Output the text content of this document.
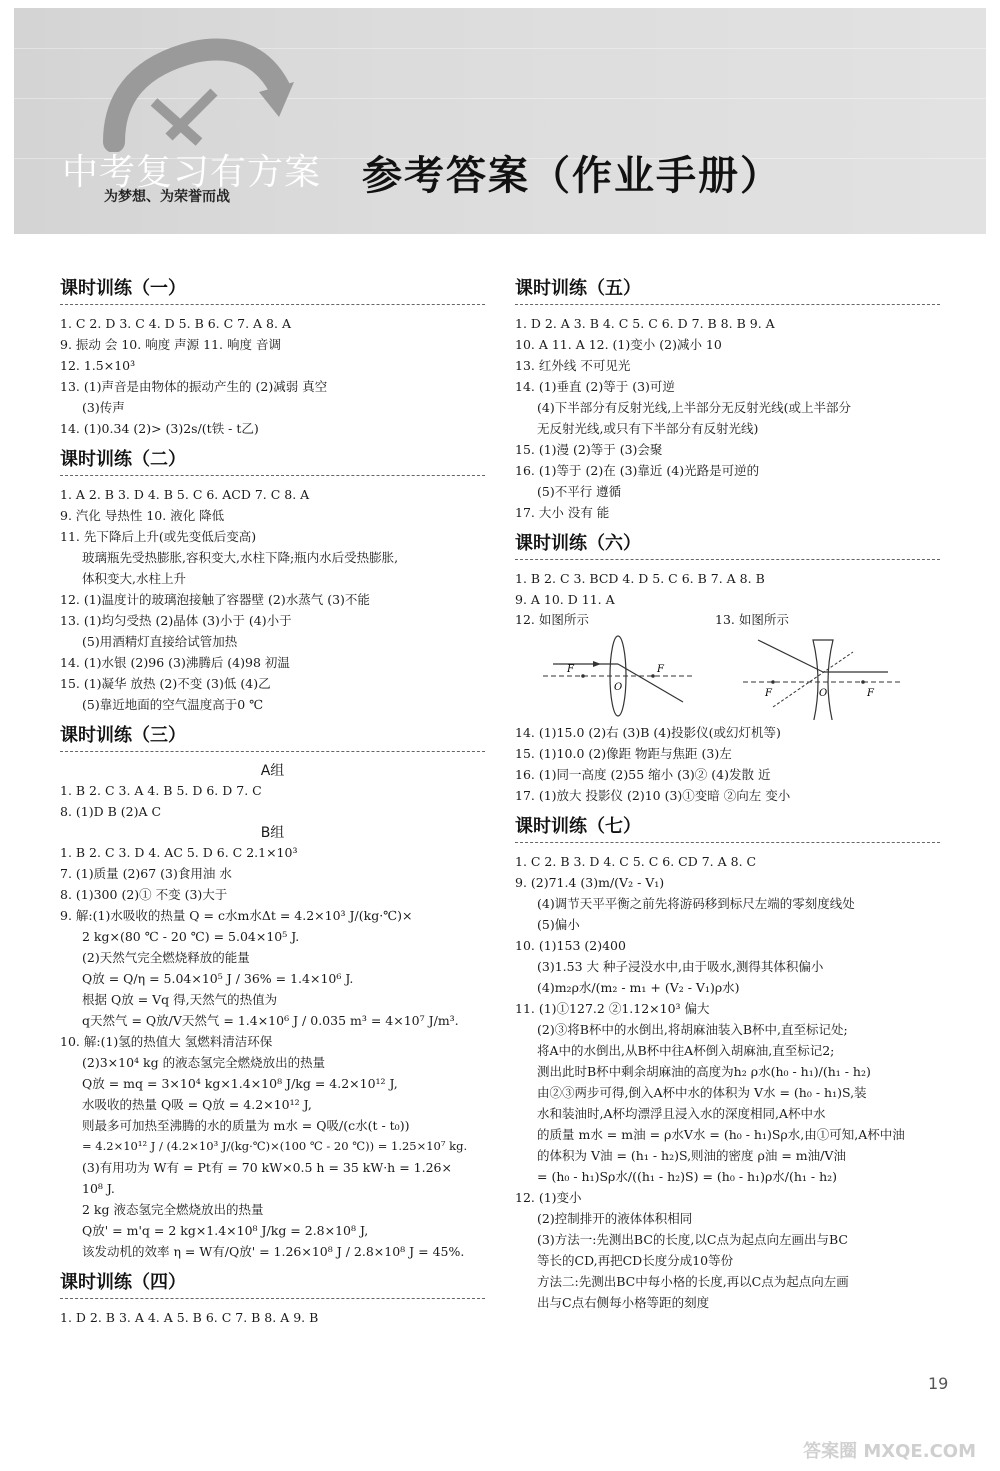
中考复习有方案
为梦想、为荣誉而战	参考答案（作业手册）
课时训练（一）
1. C 2. D 3. C 4. D 5. B 6. C 7. A 8. A
9. 振动 会 10. 响度 声源 11. 响度 音调
12. 1.5×10³
13. (1)声音是由物体的振动产生的 (2)减弱 真空
(3)传声
14. (1)0.34 (2)> (3)2s/(t铁 - t乙)
课时训练（二）
1. A 2. B 3. D 4. B 5. C 6. ACD 7. C 8. A
9. 汽化 导热性 10. 液化 降低
11. 先下降后上升(或先变低后变高)
玻璃瓶先受热膨胀,容积变大,水柱下降;瓶内水后受热膨胀,
体积变大,水柱上升
12. (1)温度计的玻璃泡接触了容器壁 (2)水蒸气 (3)不能
13. (1)均匀受热 (2)晶体 (3)小于 (4)小于
(5)用酒精灯直接给试管加热
14. (1)水银 (2)96 (3)沸腾后 (4)98 初温
15. (1)凝华 放热 (2)不变 (3)低 (4)乙
(5)靠近地面的空气温度高于0 ℃
课时训练（三）
A组
1. B 2. C 3. A 4. B 5. D 6. D 7. C
8. (1)D B (2)A C
B组
1. B 2. C 3. D 4. AC 5. D 6. C 2.1×10³
7. (1)质量 (2)67 (3)食用油 水
8. (1)300 (2)① 不变 (3)大于
9. 解:(1)水吸收的热量 Q = c水m水Δt = 4.2×10³ J/(kg·℃)×
2 kg×(80 ℃ - 20 ℃) = 5.04×10⁵ J.
(2)天然气完全燃烧释放的能量
Q放 = Q/η = 5.04×10⁵ J / 36% = 1.4×10⁶ J.
根据 Q放 = Vq 得,天然气的热值为
q天然气 = Q放/V天然气 = 1.4×10⁶ J / 0.035 m³ = 4×10⁷ J/m³.
10. 解:(1)氢的热值大 氢燃料清洁环保
(2)3×10⁴ kg 的液态氢完全燃烧放出的热量
Q放 = mq = 3×10⁴ kg×1.4×10⁸ J/kg = 4.2×10¹² J,
水吸收的热量 Q吸 = Q放 = 4.2×10¹² J,
则最多可加热至沸腾的水的质量为 m水 = Q吸/(c水(t - t₀))
= 4.2×10¹² J / (4.2×10³ J/(kg·℃)×(100 ℃ - 20 ℃)) = 1.25×10⁷ kg.
(3)有用功为 W有 = Pt有 = 70 kW×0.5 h = 35 kW·h = 1.26×
10⁸ J.
2 kg 液态氢完全燃烧放出的热量
Q放' = m'q = 2 kg×1.4×10⁸ J/kg = 2.8×10⁸ J,
该发动机的效率 η = W有/Q放' = 1.26×10⁸ J / 2.8×10⁸ J = 45%.
课时训练（四）
1. D 2. B 3. A 4. A 5. B 6. C 7. B 8. A 9. B
课时训练（五）
1. D 2. A 3. B 4. C 5. C 6. D 7. B 8. B 9. A
10. A 11. A 12. (1)变小 (2)减小 10
13. 红外线 不可见光
14. (1)垂直 (2)等于 (3)可逆
(4)下半部分有反射光线,上半部分无反射光线(或上半部分
无反射光线,或只有下半部分有反射光线)
15. (1)漫 (2)等于 (3)会聚
16. (1)等于 (2)在 (3)靠近 (4)光路是可逆的
(5)不平行 遵循
17. 大小 没有 能
课时训练（六）
1. B 2. C 3. BCD 4. D 5. C 6. B 7. A 8. B
9. A 10. D 11. A
12. 如图所示	13. 如图所示
F
O
F
F	O	F
14. (1)15.0 (2)右 (3)B (4)投影仪(或幻灯机等)
15. (1)10.0 (2)像距 物距与焦距 (3)左
16. (1)同一高度 (2)55 缩小 (3)② (4)发散 近
17. (1)放大 投影仪 (2)10 (3)①变暗 ②向左 变小
课时训练（七）
1. C 2. B 3. D 4. C 5. C 6. CD 7. A 8. C
9. (2)71.4 (3)m/(V₂ - V₁)
(4)调节天平平衡之前先将游码移到标尺左端的零刻度线处
(5)偏小
10. (1)153 (2)400
(3)1.53 大 种子浸没水中,由于吸水,测得其体积偏小
(4)m₂ρ水/(m₂ - m₁ + (V₂ - V₁)ρ水)
11. (1)①127.2 ②1.12×10³ 偏大
(2)③将B杯中的水倒出,将胡麻油装入B杯中,直至标记处;
将A中的水倒出,从B杯中往A杯倒入胡麻油,直至标记2;
测出此时B杯中剩余胡麻油的高度为h₂ ρ水(h₀ - h₁)/(h₁ - h₂)
由②③两步可得,倒入A杯中水的体积为 V水 = (h₀ - h₁)S,装
水和装油时,A杯均漂浮且浸入水的深度相同,A杯中水
的质量 m水 = m油 = ρ水V水 = (h₀ - h₁)Sρ水,由①可知,A杯中油
的体积为 V油 = (h₁ - h₂)S,则油的密度 ρ油 = m油/V油
= (h₀ - h₁)Sρ水/((h₁ - h₂)S) = (h₀ - h₁)ρ水/(h₁ - h₂)
12. (1)变小
(2)控制排开的液体体积相同
(3)方法一:先测出BC的长度,以C点为起点向左画出与BC
等长的CD,再把CD长度分成10等份
方法二:先测出BC中每小格的长度,再以C点为起点向左画
出与C点右侧每小格等距的刻度
19
答案圈 MXQE.COM
